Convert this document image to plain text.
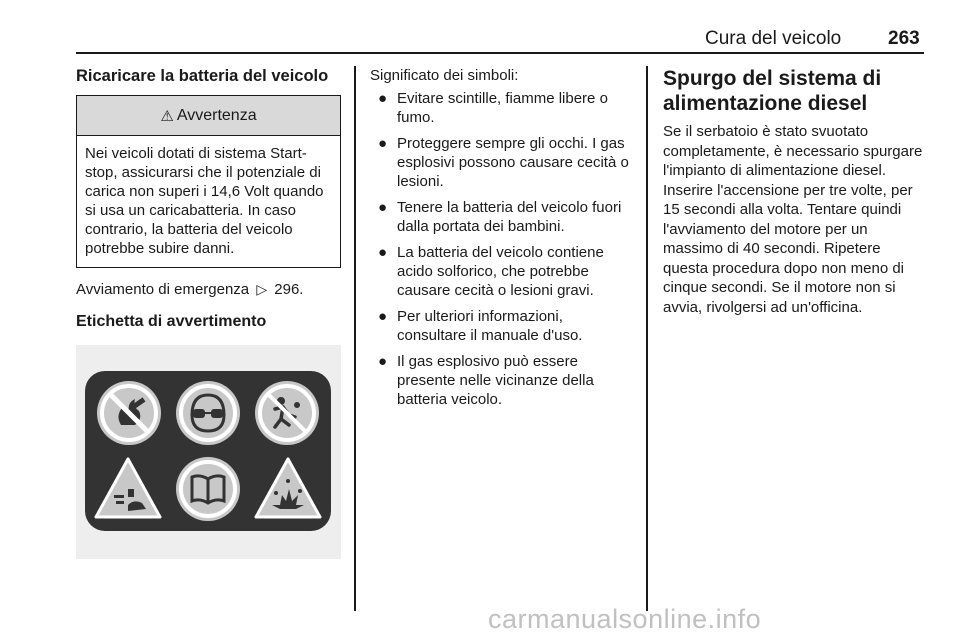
Cura del veicolo 263
Ricaricare la batteria del veicolo
⚠ Avvertenza
Nei veicoli dotati di sistema Start-stop, assicurarsi che il potenziale di carica non superi i 14,6 Volt quando si usa un caricabatteria. In caso contrario, la batteria del veicolo potrebbe subire danni.

Avviamento di emergenza ▷ 296.

Etichetta di avvertimento

Significato dei simboli:

● Evitare scintille, fiamme libere o fumo.
● Proteggere sempre gli occhi. I gas esplosivi possono causare cecità o lesioni.
● Tenere la batteria del veicolo fuori dalla portata dei bambini.
● La batteria del veicolo contiene acido solforico, che potrebbe causare cecità o lesioni gravi.
● Per ulteriori informazioni, consultare il manuale d'uso.
● Il gas esplosivo può essere presente nelle vicinanze della batteria veicolo.
Spurgo del sistema di alimentazione diesel

Se il serbatoio è stato svuotato completamente, è necessario spurgare l'impianto di alimentazione diesel. Inserire l'accensione per tre volte, per 15 secondi alla volta. Tentare quindi l'avviamento del motore per un massimo di 40 secondi. Ripetere questa procedura dopo non meno di cinque secondi. Se il motore non si avvia, rivolgersi ad un'officina.

carmanualsonline.info
